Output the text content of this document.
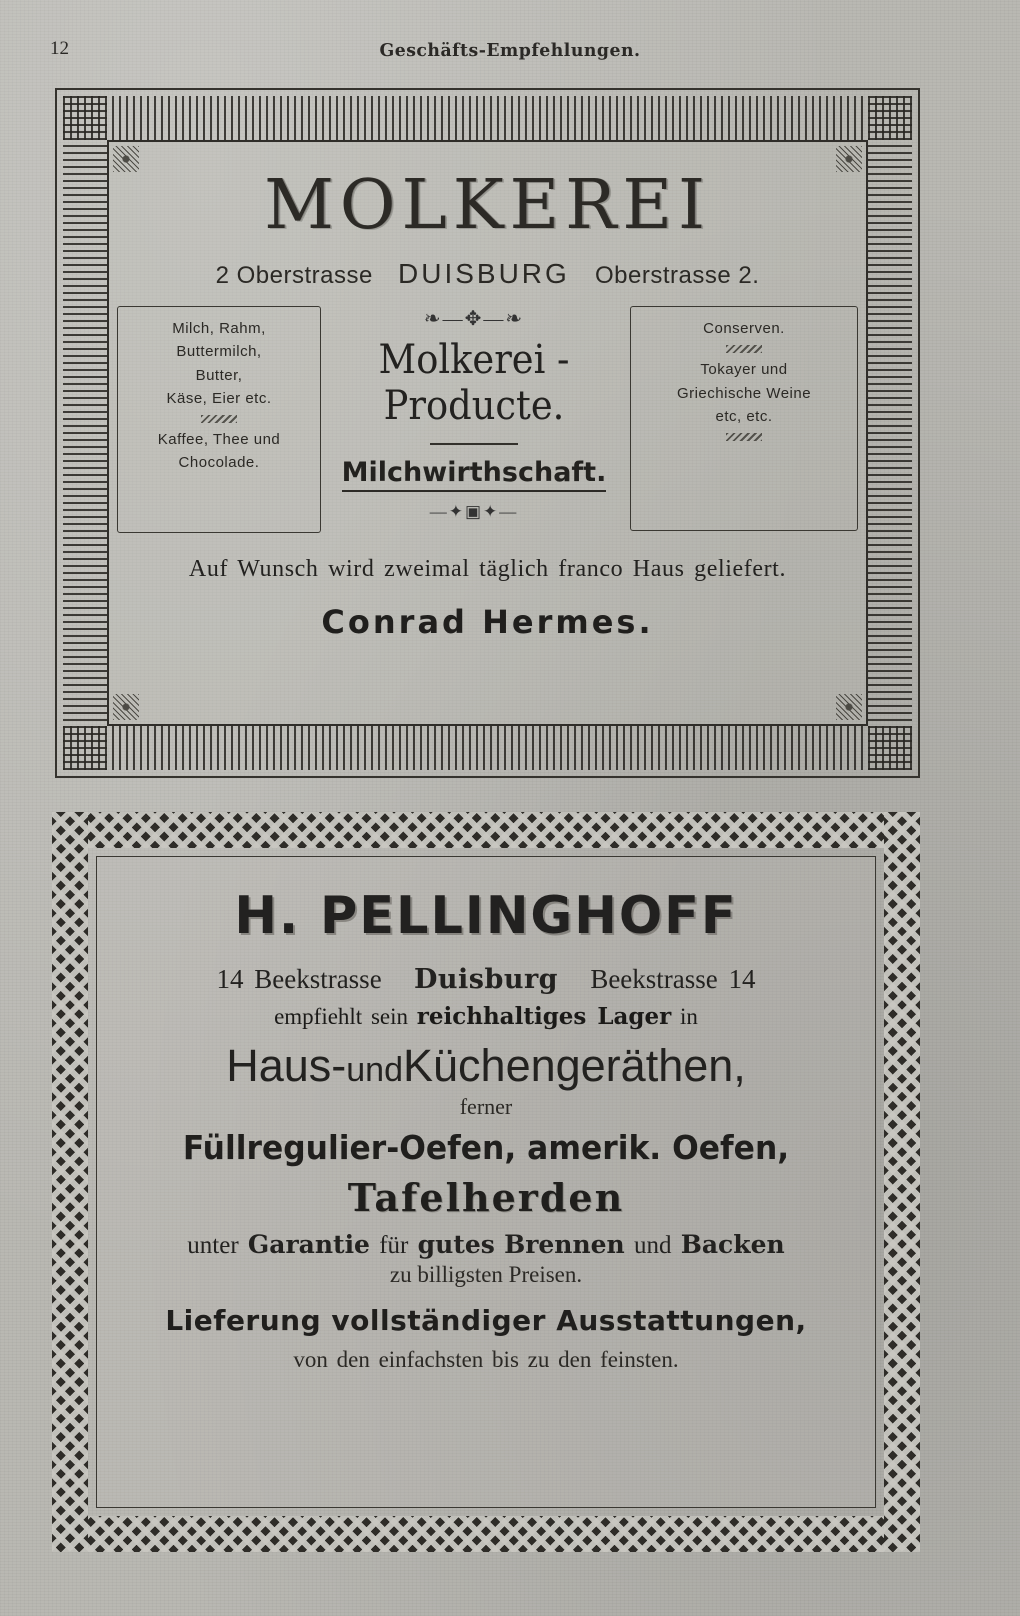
12	Geschäfts-Empfehlungen.
MOLKEREI
2 Oberstrasse DUISBURG Oberstrasse 2.
Milch, Rahm,
Buttermilch,
Butter,
Käse, Eier etc.
Kaffee, Thee und
Chocolade.
❧—✥—❧
Molkerei - Producte.
Milchwirthschaft.
—✦▣✦—
Conserven.
Tokayer und
Griechische Weine
etc, etc.
Auf Wunsch wird zweimal täglich franco Haus geliefert.
Conrad Hermes.
H. PELLINGHOFF
14 Beekstrasse Duisburg Beekstrasse 14
empfiehlt sein reichhaltiges Lager in
Haus-undKüchengeräthen,
ferner
Füllregulier-Oefen, amerik. Oefen,
Tafelherden
unter Garantie für gutes Brennen und Backen
zu billigsten Preisen.
Lieferung vollständiger Ausstattungen,
von den einfachsten bis zu den feinsten.
